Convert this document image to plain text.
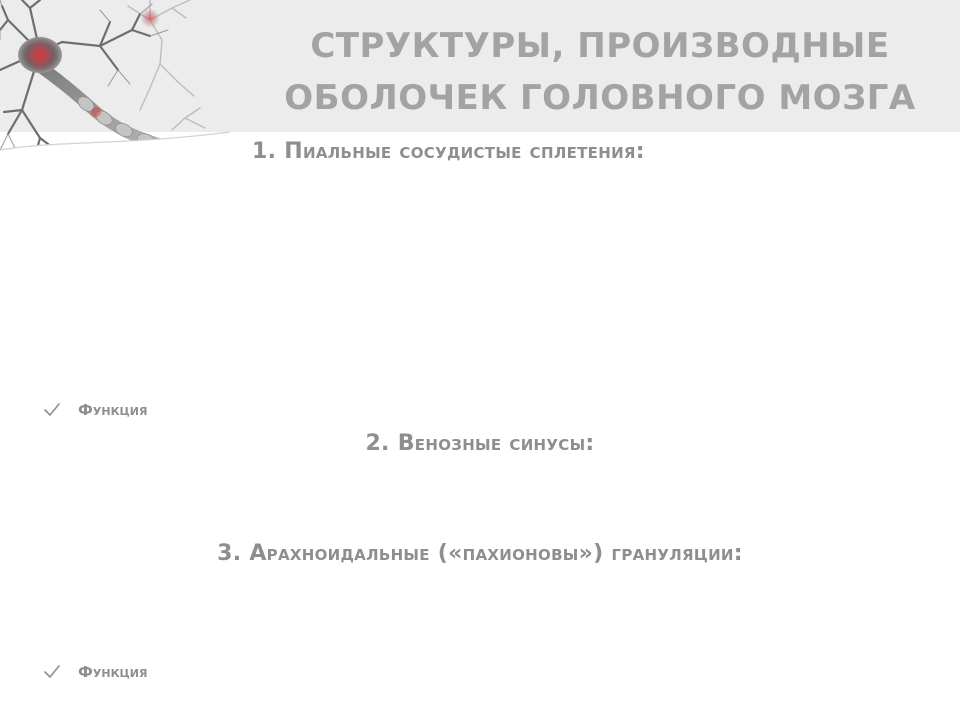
СТРУКТУРЫ, ПРОИЗВОДНЫЕ
ОБОЛОЧЕК ГОЛОВНОГО МОЗГА
1. Пиальные сосудистые сплетения:
Функция
2. Венозные синусы:
3. Арахноидальные («пахионовы») грануляции:
Функция
